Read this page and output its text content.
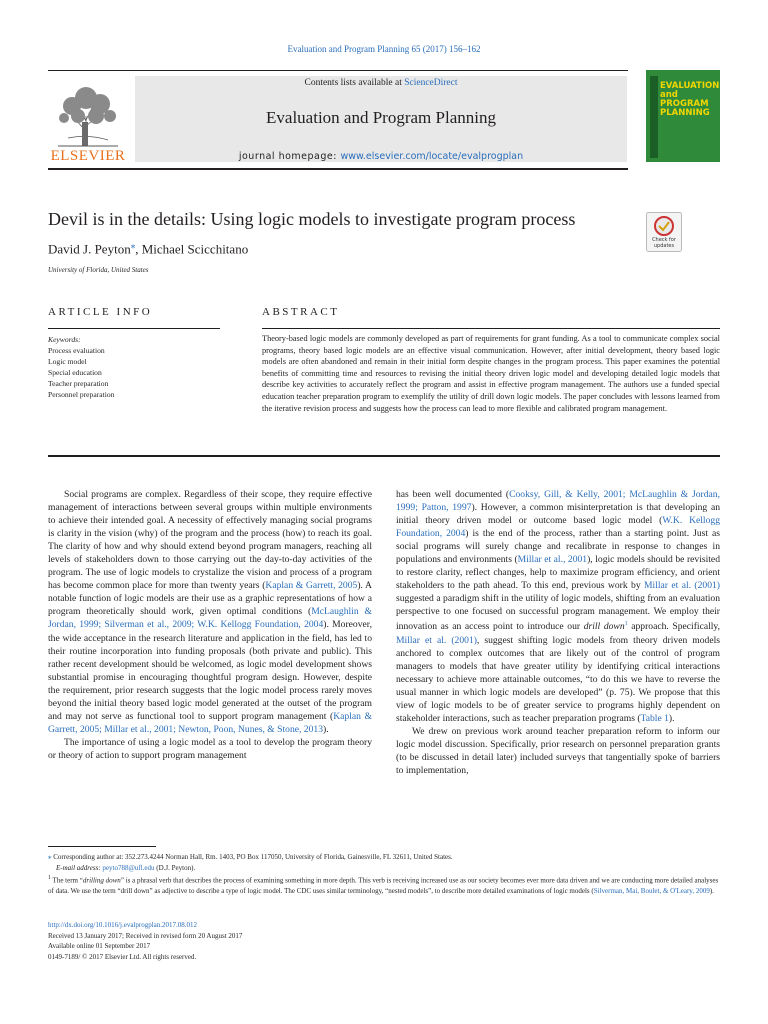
Evaluation and Program Planning 65 (2017) 156–162
Contents lists available at ScienceDirect
Evaluation and Program Planning
journal homepage: www.elsevier.com/locate/evalprogplan
ELSEVIER
EVALUATION and PROGRAM PLANNING
Devil is in the details: Using logic models to investigate program process
David J. Peyton⁎, Michael Scicchitano
University of Florida, United States
Check for
updates
ARTICLE INFO	ABSTRACT
Keywords:
Process evaluation
Logic model
Special education
Teacher preparation
Personnel preparation
Theory-based logic models are commonly developed as part of requirements for grant funding. As a tool to communicate complex social programs, theory based logic models are an effective visual communication. However, after initial development, theory based logic models are often abandoned and remain in their initial form despite changes in the program process. This paper examines the potential benefits of committing time and resources to revising the initial theory driven logic model and developing detailed logic models that describe key activities to accurately reflect the program and assist in effective program management. The authors use a funded special education teacher preparation program to exemplify the utility of drill down logic models. The paper concludes with lessons learned from the iterative revision process and suggests how the process can lead to more flexible and calibrated program management.

Social programs are complex. Regardless of their scope, they require effective management of interactions between several groups within multiple environments to achieve their intended goal. A necessity of effectively managing social programs is clarity in the vision (why) of the program and the process (how) to reach its goal. The clarity of how and why should extend beyond program managers, reaching all levels of stakeholders down to those carrying out the day-to-day activities of the program. The use of logic models to crystalize the vision and process of a program has become common place for more than twenty years (Kaplan & Garrett, 2005). A notable function of logic models are their use as a graphic representations of how a program theoretically should work, given optimal conditions (McLaughlin & Jordan, 1999; Silverman et al., 2009; W.K. Kellogg Foundation, 2004). Moreover, the wide acceptance in the research literature and application in the field, has led to their routine incorporation into funding proposals (both private and public). This rather recent development should be welcomed, as logic model development shows substantial promise in encouraging thoughtful program design. However, despite the requirement, prior research suggests that the logic model process rarely moves beyond the initial theory based logic model generated at the outset of the program and may not serve as functional tool to support program management (Kaplan & Garrett, 2005; Millar et al., 2001; Newton, Poon, Nunes, & Stone, 2013).

The importance of using a logic model as a tool to develop the program theory or theory of action to support program management

has been well documented (Cooksy, Gill, & Kelly, 2001; McLaughlin & Jordan, 1999; Patton, 1997). However, a common misinterpretation is that developing an initial theory driven model or outcome based logic model (W.K. Kellogg Foundation, 2004) is the end of the process, rather than a starting point. Just as social programs will surely change and recalibrate in response to changes in populations and environments (Millar et al., 2001), logic models should be revisited to restore clarity, reflect changes, help to maximize program efficiency, and orient stakeholders to the path ahead. To this end, previous work by Millar et al. (2001) suggested a paradigm shift in the utility of logic models, shifting from an evaluation perspective to one focused on successful program management. We employ their innovation as an access point to introduce our drill down$^1$ approach. Specifically, Millar et al. (2001), suggest shifting logic models from theory driven models anchored to complex outcomes that are likely out of the control of program managers to models that have greater utility by identifying critical interactions necessary to achieve more attainable outcomes, “to do this we have to reverse the usual manner in which logic models are developed” (p. 75). We propose that this view of logic models to be of greater service to programs highly dependent on stakeholder interactions, such as teacher preparation programs (Table 1).

We drew on previous work around teacher preparation reform to inform our logic model discussion. Specifically, prior research on personnel preparation grants (to be discussed in detail later) included surveys that tangentially spoke of barriers to implementation,

⁎ Corresponding author at: 352.273.4244 Norman Hall, Rm. 1403, PO Box 117050, University of Florida, Gainesville, FL 32611, United States.

E-mail address: peyto788@ufl.edu (D.J. Peyton).

$^1$ The term “drilling down” is a phrasal verb that describes the process of examining something in more depth. This verb is receiving increased use as our society becomes ever more data driven and we are conducting more detailed analyses of data. We use the term “drill down” as adjective to describe a type of logic model. The CDC uses similar terminology, “nested models”, to describe more detailed examinations of logic models (Silverman, Mai, Boulet, & O'Leary, 2009).

http://dx.doi.org/10.1016/j.evalprogplan.2017.08.012

Received 13 January 2017; Received in revised form 20 August 2017

Available online 01 September 2017

0149-7189/ © 2017 Elsevier Ltd. All rights reserved.
